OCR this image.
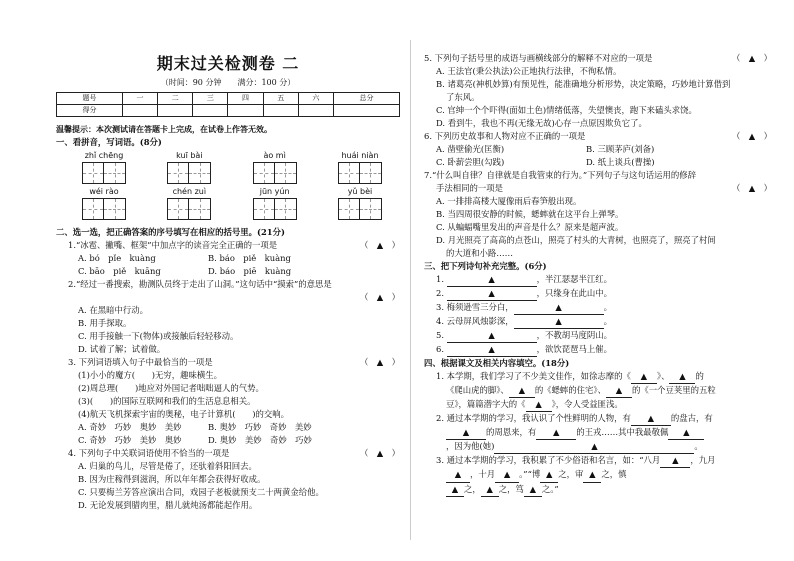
期末过关检测卷 二
（时间：90 分钟　　满分：100 分）
题号	一	二	三	四	五	六	总分
得分							
温馨提示：本次测试请在答题卡上完成，在试卷上作答无效。
一、看拼音，写词语。(8分)
zhǐ chēng	kuī bài	ào mì	huái niàn
wéi rào	chén zuì	jūn yún	yǔ bèi
二、选一选，把正确答案的序号填写在相应的括号里。(21分)
1.“冰雹、撇嘴、框架”中加点字的读音完全正确的一项是	（　▲　）
A. bó　pǐe　kuàng	B. báo　piě　kuàng
C. bāo　piě　kuāng	D. báo　piē　kuàng
2.“经过一番搜索，勘测队员终于走出了山洞。”这句话中“摸索”的意思是
（　▲　）
A. 在黑暗中行动。
B. 用手探取。
C. 用手接触一下(物体)或接触后轻轻移动。
D. 试着了解；试着做。
3. 下列词语填入句子中最恰当的一项是	（　▲　）
(1)小小的魔方(　　)无穷，趣味横生。
(2)周总理(　　)地应对外国记者咄咄逼人的气势。
(3)(　　)的国际互联网和我们的生活息息相关。
(4)航天飞机探索宇宙的奥秘，电子计算机(　　)的交响。
A. 奇妙　巧妙　奥妙　美妙	B. 奥妙　巧妙　奇妙　美妙
C. 奇妙　巧妙　美妙　奥妙	D. 奥妙　美妙　奇妙　巧妙
4. 下列句子中关联词语使用不恰当的一项是	（　▲　）
A. 归巢的鸟儿，尽管是倦了，还驮着斜阳回去。
B. 因为庄稼得到滋润，所以年年都会获得好收成。
C. 只要梅兰芳答应演出合同，戏园子老板就预支二十两黄金给他。
D. 无论发展到腊肉里，腊儿就炖汤都能起作用。
5. 下列句子括号里的成语与画横线部分的解释不对应的一项是	（　▲　）
A. 王法官(秉公执法)公正地执行法律，不徇私情。
B. 诸葛亮(神机妙算)有预见性，能准确地分析形势，决定策略，巧妙地计算借到
了东风。
C. 官绅一个个吓得(面如土色)情绪低落，失望懊丧，跑下来磕头求饶。
D. 看到牛，我也不再(无缘无故)心存一点原因欺负它了。
6. 下列历史故事和人物对应不正确的一项是	（　▲　）
A. 凿壁偷光(匡衡)	B. 三顾茅庐(刘备)
C. 卧薪尝胆(勾践)	D. 纸上谈兵(曹操)
7.“什么叫自律？自律就是自我管束的行为。”下列句子与这句话运用的修辞
手法相同的一项是	（　▲　）
A. 一排排高楼大厦像雨后春笋般出现。
B. 当四周很安静的时候，蟋蟀就在这平台上弹琴。
C. 从蝙蝠嘴里发出的声音是什么？原来是超声波。
D. 月光照亮了高高的点苍山，照亮了村头的大青树，也照亮了，照亮了村间
的大道和小路……
三、把下列诗句补充完整。(6分)
1.	▲	，半江瑟瑟半江红。
2.	▲	，只缘身在此山中。
3. 梅须逊雪三分白，	▲	。
4. 云母屏风烛影深，	▲	。
5.	▲	，不教胡马度阴山。
6.	▲	，欲饮琵琶马上催。
四、根据课文及相关内容填空。(18分)
1. 本学期，我们学习了不少美文佳作，如徐志摩的《 ▲ 》、 ▲ 的
《爬山虎的脚》、 ▲ 的《蟋蟀的住宅》、 ▲ 的《一个豆荚里的五粒
豆》，篇篇潜字大的《 ▲ 》，令人受益匪浅。
2. 通过本学期的学习，我认识了个性鲜明的人物，有 ▲ 的盘古，有
▲ 的周恩来，有 ▲ 的王戎……其中我最敬佩 ▲
，因为他(她)	▲	。
3. 通过本学期的学习，我积累了不少俗语和名言，如：“八月 ▲ ，九月
▲ ，十月 ▲ 。”“博 ▲ 之，审 ▲ 之，慎
▲ 之， ▲ 之，笃 ▲ 之。”
